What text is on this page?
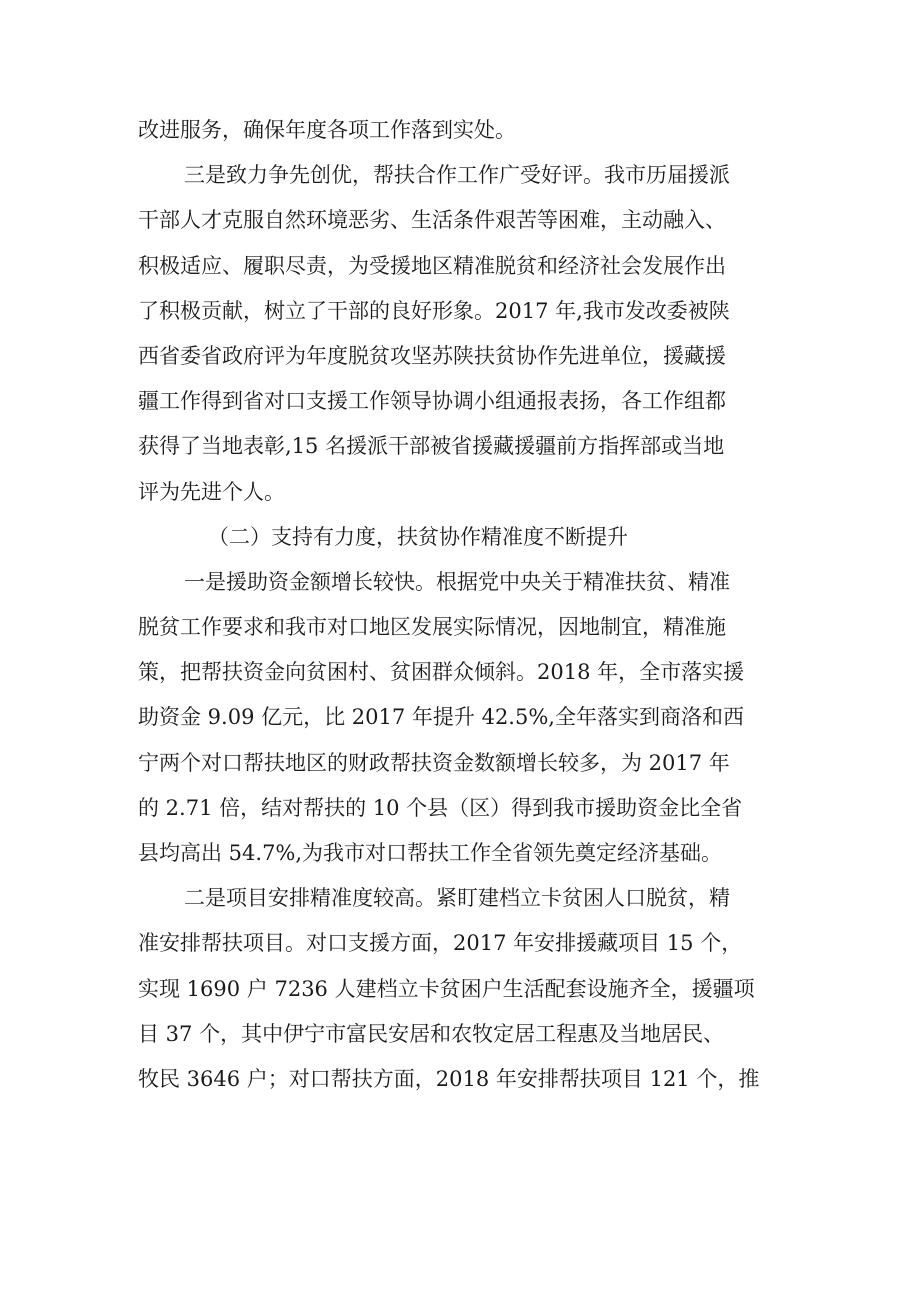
改进服务，确保年度各项工作落到实处。
三是致力争先创优，帮扶合作工作广受好评。我市历届援派
干部人才克服自然环境恶劣、生活条件艰苦等困难，主动融入、
积极适应、履职尽责，为受援地区精准脱贫和经济社会发展作出
了积极贡献，树立了干部的良好形象。2017 年,我市发改委被陕
西省委省政府评为年度脱贫攻坚苏陕扶贫协作先进单位，援藏援
疆工作得到省对口支援工作领导协调小组通报表扬，各工作组都
获得了当地表彰,15 名援派干部被省援藏援疆前方指挥部或当地
评为先进个人。
（二）支持有力度，扶贫协作精准度不断提升
一是援助资金额增长较快。根据党中央关于精准扶贫、精准
脱贫工作要求和我市对口地区发展实际情况，因地制宜，精准施
策，把帮扶资金向贫困村、贫困群众倾斜。2018 年，全市落实援
助资金 9.09 亿元，比 2017 年提升 42.5%,全年落实到商洛和西
宁两个对口帮扶地区的财政帮扶资金数额增长较多，为 2017 年
的 2.71 倍，结对帮扶的 10 个县（区）得到我市援助资金比全省
县均高出 54.7%,为我市对口帮扶工作全省领先奠定经济基础。
二是项目安排精准度较高。紧盯建档立卡贫困人口脱贫，精
准安排帮扶项目。对口支援方面，2017 年安排援藏项目 15 个，
实现 1690 户 7236 人建档立卡贫困户生活配套设施齐全，援疆项
目 37 个，其中伊宁市富民安居和农牧定居工程惠及当地居民、
牧民 3646 户；对口帮扶方面，2018 年安排帮扶项目 121 个，推
